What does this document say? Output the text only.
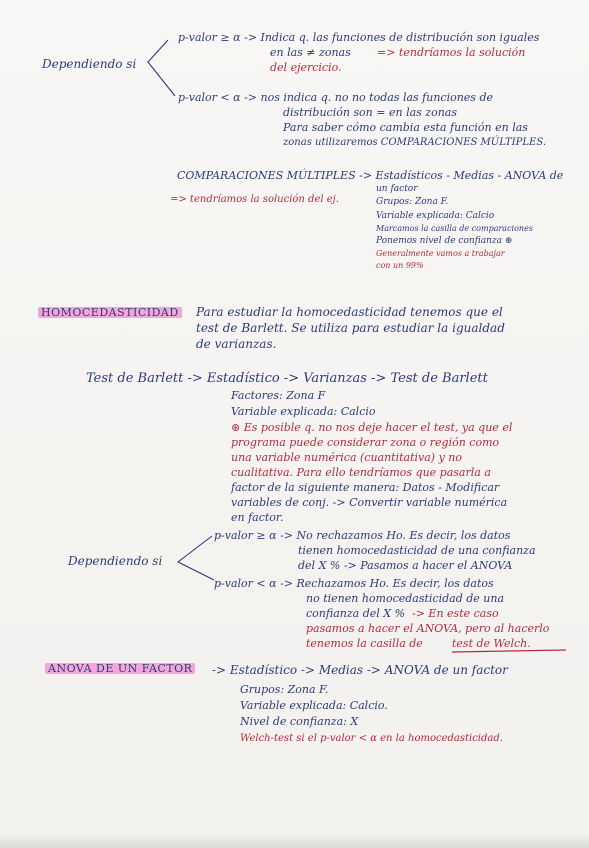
Dependiendo si
p-valor ≥ α -> Indica q. las funciones de distribución son iguales
en las ≠ zonas => tendríamos la solución
del ejercicio.
p-valor < α -> nos indica q. no no todas las funciones de
distribución son = en las zonas
Para saber cómo cambia esta función en las
zonas utilizaremos COMPARACIONES MÚLTIPLES.
COMPARACIONES MÚLTIPLES -> Estadísticos - Medias - ANOVA de
un factor
=> tendríamos la solución del ej.	Grupos: Zona F.
Variable explicada: Calcio
Marcamos la casilla de comparaciones
Ponemos nivel de confianza ⊛
Generalmente vamos a trabajar
con un 99%
HOMOCEDASTICIDAD Para estudiar la homocedasticidad tenemos que el
test de Barlett. Se utiliza para estudiar la igualdad
de varianzas.
Test de Barlett -> Estadístico -> Varianzas -> Test de Barlett
Factores: Zona F
Variable explicada: Calcio
⊛ Es posible q. no nos deje hacer el test, ya que el
programa puede considerar zona o región como
una variable numérica (cuantitativa) y no
cualitativa. Para ello tendríamos que pasarla a
factor de la siguiente manera: Datos - Modificar
variables de conj. -> Convertir variable numérica
en factor.
Dependiendo si
p-valor ≥ α -> No rechazamos Ho. Es decir, los datos
tienen homocedasticidad de una confianza
del X % -> Pasamos a hacer el ANOVA
p-valor < α -> Rechazamos Ho. Es decir, los datos
no tienen homocedasticidad de una
confianza del X % -> En este caso
pasamos a hacer el ANOVA, pero al hacerlo
tenemos la casilla de	test de Welch.
ANOVA DE UN FACTOR -> Estadístico -> Medias -> ANOVA de un factor
Grupos: Zona F.
Variable explicada: Calcio.
Nivel de confianza: X
Welch-test si el p-valor < α en la homocedasticidad.
